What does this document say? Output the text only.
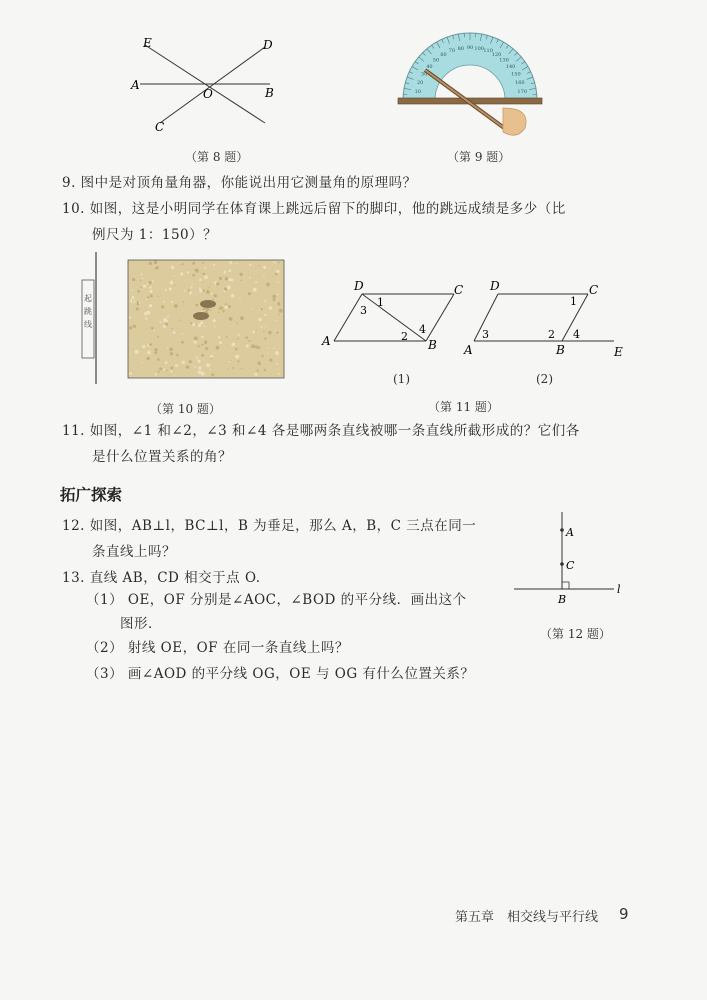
E	D
A
O	B
C
（第 8 题）
10
20
30
40
50
60
70 80 90 100 110
120
130
140
150
160
170
（第 9 题）
9. 图中是对顶角量角器，你能说出用它测量角的原理吗？
10. 如图，这是小明同学在体育课上跳远后留下的脚印，他的跳远成绩是多少（比
例尺为 1：150）？
起跳线
（第 10 题）
D	C
A	B
1
2
3
4
(1)
D	C
A	B	E
1
2
3	4
(2)
（第 11 题）
11. 如图，∠1 和∠2，∠3 和∠4 各是哪两条直线被哪一条直线所截形成的？它们各
是什么位置关系的角？
拓广探索
12. 如图，AB⊥l，BC⊥l，B 为垂足，那么 A，B，C 三点在同一
条直线上吗？
13. 直线 AB，CD 相交于点 O.
（1） OE，OF 分别是∠AOC，∠BOD 的平分线．画出这个
图形．
（2） 射线 OE，OF 在同一条直线上吗？
（3） 画∠AOD 的平分线 OG，OE 与 OG 有什么位置关系？
A
C
B
l
（第 12 题）
第五章　相交线与平行线 9
